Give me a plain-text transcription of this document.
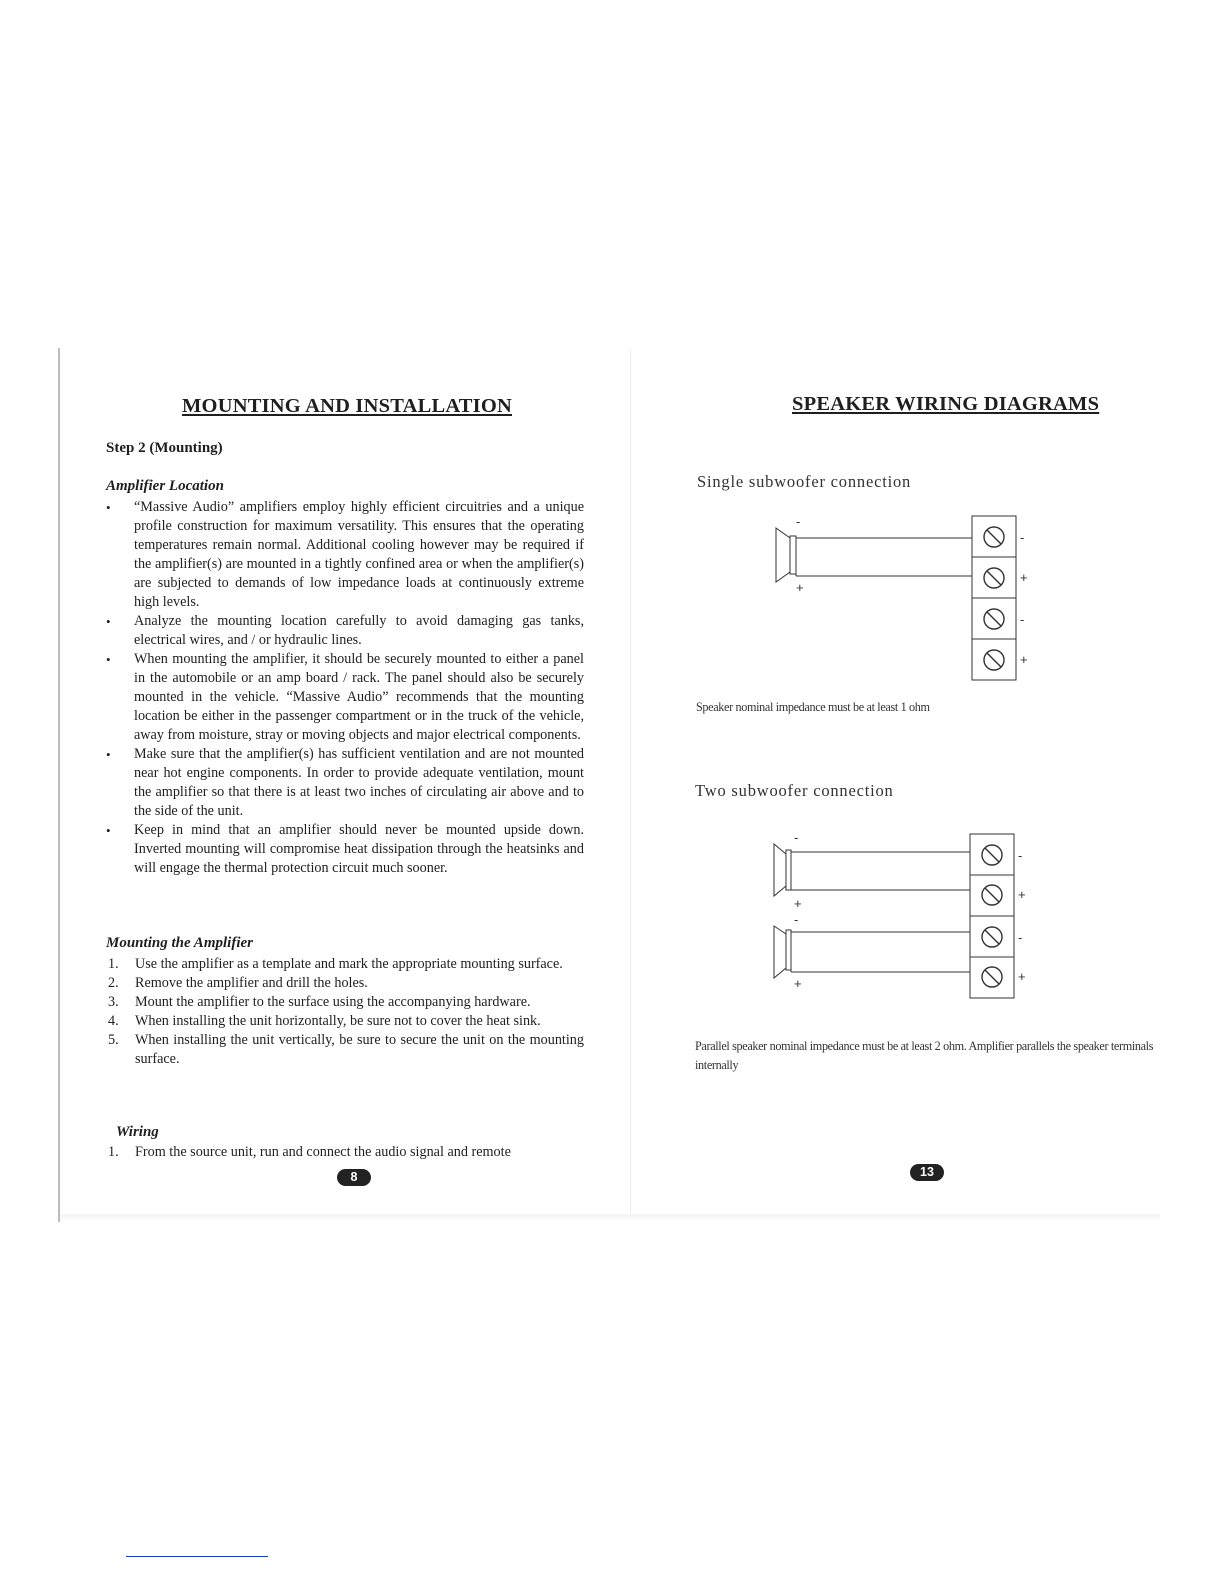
MOUNTING AND INSTALLATION
Step 2 (Mounting)
Amplifier Location
• “Massive Audio” amplifiers employ highly efficient circuitries and a unique profile construction for maximum versatility. This ensures that the operating temperatures remain normal. Additional cooling however may be required if the amplifier(s) are mounted in a tightly confined area or when the amplifier(s) are subjected to demands of low impedance loads at continuously extreme high levels.
• Analyze the mounting location carefully to avoid damaging gas tanks, electrical wires, and / or hydraulic lines.
• When mounting the amplifier, it should be securely mounted to either a panel in the automobile or an amp board / rack. The panel should also be securely mounted in the vehicle. “Massive Audio” recommends that the mounting location be either in the passenger compartment or in the truck of the vehicle, away from moisture, stray or moving objects and major electrical components.
• Make sure that the amplifier(s) has sufficient ventilation and are not mounted near hot engine components. In order to provide adequate ventilation, mount the amplifier so that there is at least two inches of circulating air above and to the side of the unit.
• Keep in mind that an amplifier should never be mounted upside down. Inverted mounting will compromise heat dissipation through the heatsinks and will engage the thermal protection circuit much sooner.
Mounting the Amplifier
1. Use the amplifier as a template and mark the appropriate mounting surface.
2. Remove the amplifier and drill the holes.
3. Mount the amplifier to the surface using the accompanying hardware.
4. When installing the unit horizontally, be sure not to cover the heat sink.
5. When installing the unit vertically, be sure to secure the unit on the mounting surface.
Wiring
1. From the source unit, run and connect the audio signal and remote
8
SPEAKER WIRING DIAGRAMS
Single subwoofer connection
-
+
-
+
-
+
Speaker nominal impedance must be at least 1 ohm
Two subwoofer connection
-
+
-
+
-
+
-
+
Parallel speaker nominal impedance must be at least 2 ohm. Amplifier parallels the speaker terminals internally
13
